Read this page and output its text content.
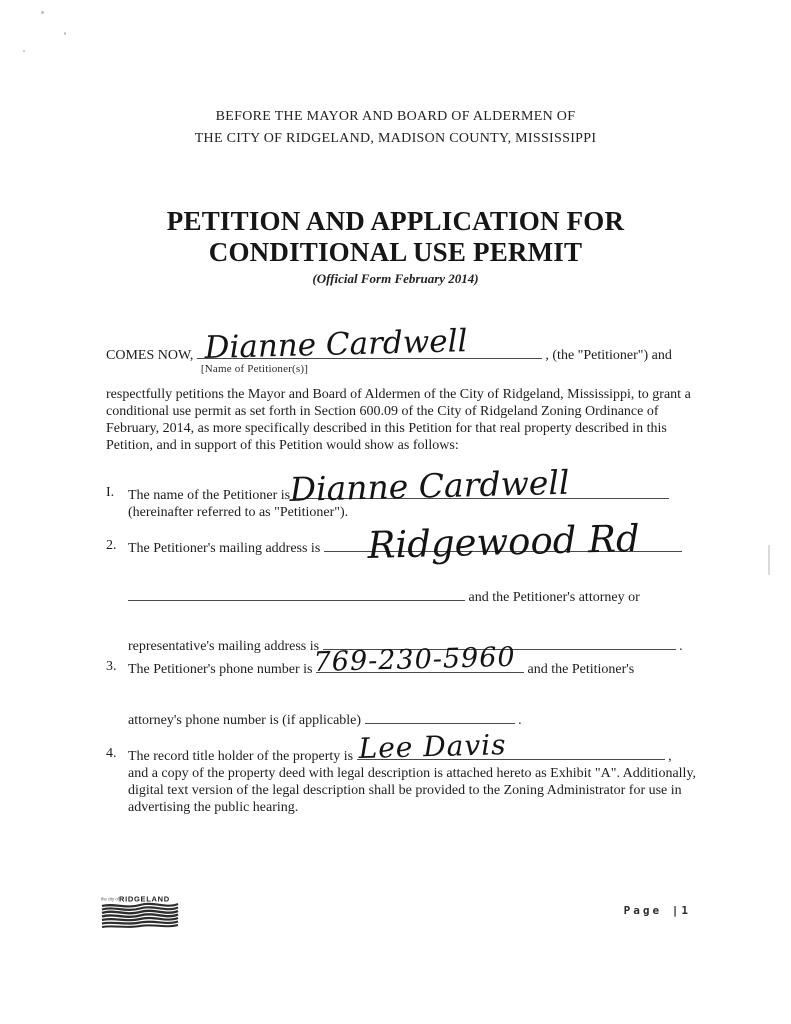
BEFORE THE MAYOR AND BOARD OF ALDERMEN OF
THE CITY OF RIDGELAND, MADISON COUNTY, MISSISSIPPI
PETITION AND APPLICATION FOR
CONDITIONAL USE PERMIT
(Official Form February 2014)
COMES NOW, Dianne Cardwell
[Name of Petitioner(s)]
, (the "Petitioner") and
respectfully petitions the Mayor and Board of Aldermen of the City of Ridgeland, Mississippi, to grant a conditional use permit as set forth in Section 600.09 of the City of Ridgeland Zoning Ordinance of February, 2014, as more specifically described in this Petition for that real property described in this Petition, and in support of this Petition would show as follows:
I. The name of the Petitioner is
Dianne Cardwell
(hereinafter referred to as "Petitioner").
2. The Petitioner's mailing address is Ridgewood Rd
and the Petitioner's attorney or
representative's mailing address is	.
3. The Petitioner's phone number is 769-230-5960 and the Petitioner's
attorney's phone number is (if applicable)	.
4. The record title holder of the property is Lee Davis	,
and a copy of the property deed with legal description is attached hereto as Exhibit "A". Additionally, digital text version of the legal description shall be provided to the Zoning Administrator for use in advertising the public hearing.
the city of RIDGELAND
Page |1
